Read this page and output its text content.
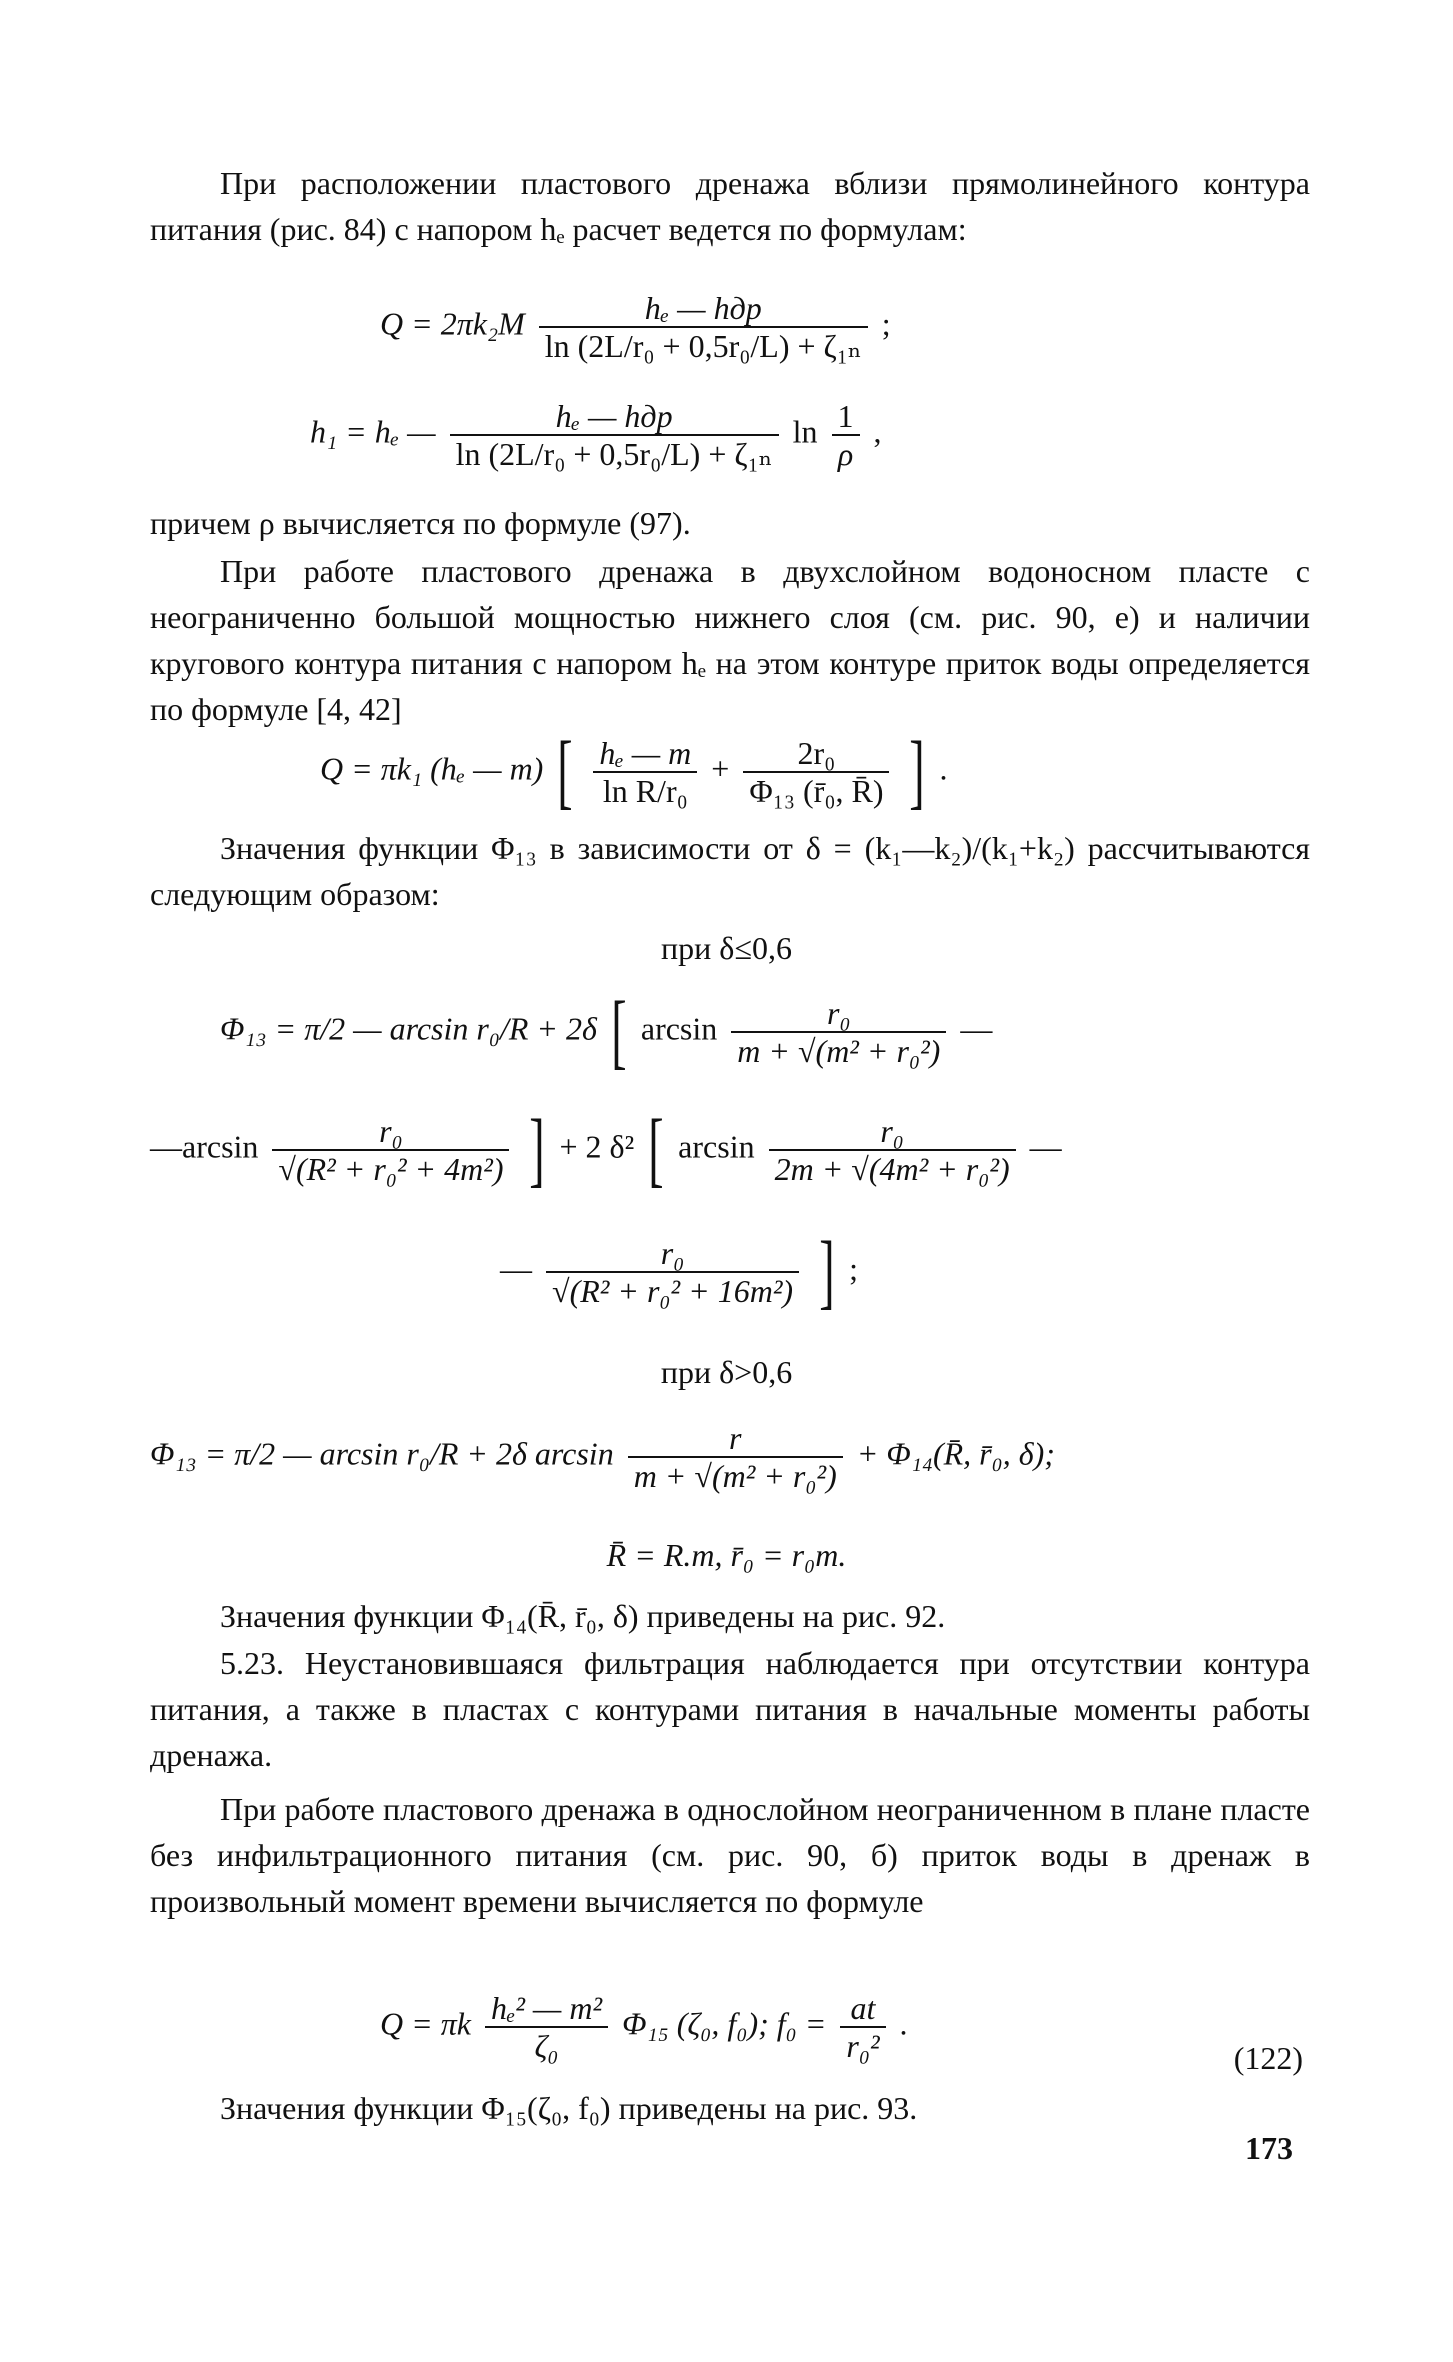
При расположении пластового дренажа вблизи прямолинейного контура питания (рис. 84) с напором hₑ расчет ведется по формулам:

$Q = 2\pi k_2M \frac{\text{hₑ — hдр}}{\text{ln (2L/r₀ + 0,5r₀/L) + ζ₁ₙ}}$ ;
h₁ = hₑ — $\frac{\text{hₑ — hдр}}{\text{ln (2L/r₀ + 0,5r₀/L) + ζ₁ₙ}}$ $\ln \frac{1}{\rho}$ ,

причем ρ вычисляется по формуле (97).

При работе пластового дренажа в двухслойном водоносном пласте с неограниченно большой мощностью нижнего слоя (см. рис. 90, е) и наличии кругового контура питания с напором hₑ на этом контуре приток воды определяется по формуле [4, 42]

Q = πk₁ (hₑ — m) [ $\frac{\text{hₑ — m}}{\text{ln R/r₀}} + \frac{\text{2r₀}}{\text{Φ₁₃ (r̄₀, R̄)}}$ ] .

Значения функции Φ₁₃ в зависимости от δ = (k₁—k₂)/(k₁+k₂) рассчитываются следующим образом:

при δ≤0,6
Φ₁₃ = π/2 — arcsin r₀/R + 2δ [ $\arcsin \frac{\text{r₀}}{\text{m + √(m² + r₀²)}}$ —
—arcsin $\frac{\text{r₀}}{\text{√(R² + r₀² + 4m²)}}$ ] + 2 δ² [ $\arcsin \frac{\text{r₀}}{\text{2m + √(4m² + r₀²)}}$ —
— $\frac{\text{r₀}}{\text{√(R² + r₀² + 16m²)}}$ ] ;
при δ>0,6
Φ₁₃ = π/2 — arcsin r₀/R + 2δ $\arcsin \frac{r}{\text{m + √(m² + r₀²)}}$ + Φ₁₄(R̄, r̄₀, δ);
R̄ = R.m, r̄₀ = r₀m.

Значения функции Φ₁₄(R̄, r̄₀, δ) приведены на рис. 92.

5.23. Неустановившаяся фильтрация наблюдается при отсутствии контура питания, а также в пластах с контурами питания в начальные моменты работы дренажа.

При работе пластового дренажа в однослойном неограниченном в плане пласте без инфильтрационного питания (см. рис. 90, б) приток воды в дренаж в произвольный момент времени вычисляется по формуле

Q = πk $\frac{\text{hₑ² — m²}}{\text{ζ₀}} \Phi_{15}$ (ζ₀, f₀); $f_0 = \frac{at}{\text{r₀²}}$ .
(122)

Значения функции Φ₁₅(ζ₀, f₀) приведены на рис. 93.

173
